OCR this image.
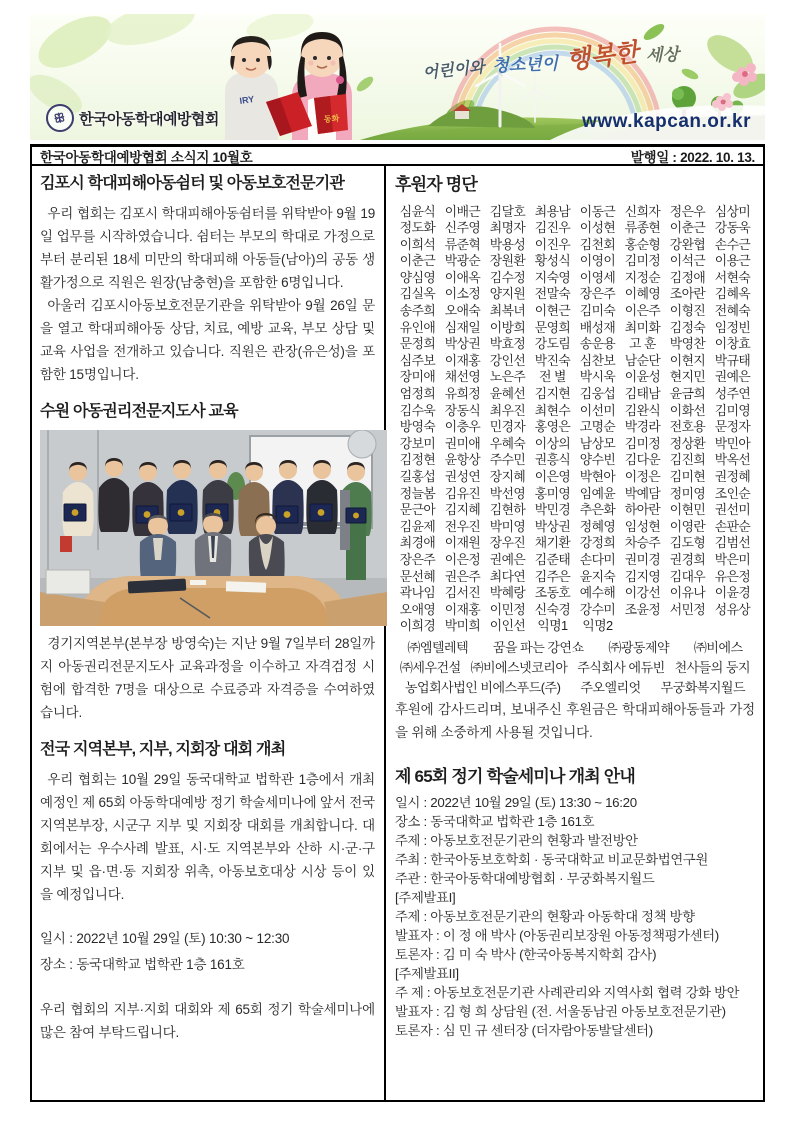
IRY
동화
어린이와 청소년이 행복한 세상
ꕥ 한국아동학대예방협회	www.kapcan.or.kr
한국아동학대예방협회 소식지 10월호	발행일 : 2022. 10. 13.
김포시 학대피해아동쉼터 및 아동보호전문기관

우리 협회는 김포시 학대피해아동쉼터를 위탁받아 9월 19일 업무를 시작하였습니다. 쉼터는 부모의 학대로 가정으로부터 분리된 18세 미만의 학대피해 아동들(남아)의 공동 생활가정으로 직원은 원장(남충현)을 포함한 6명입니다.

아울러 김포시아동보호전문기관을 위탁받아 9월 26일 문을 열고 학대피해아동 상담, 치료, 예방 교육, 부모 상담 및 교육 사업을 전개하고 있습니다. 직원은 관장(유은성)을 포함한 15명입니다.

수원 아동권리전문지도사 교육

경기지역본부(본부장 방영숙)는 지난 9월 7일부터 28일까지 아동권리전문지도사 교육과정을 이수하고 자격검정 시험에 합격한 7명을 대상으로 수료증과 자격증을 수여하였습니다.

전국 지역본부, 지부, 지회장 대회 개최

우리 협회는 10월 29일 동국대학교 법학관 1층에서 개최 예정인 제 65회 아동학대예방 정기 학술세미나에 앞서 전국 지역본부장, 시군구 지부 및 지회장 대회를 개최합니다. 대회에서는 우수사례 발표, 시·도 지역본부와 산하 시·군·구 지부 및 읍·면·동 지회장 위촉, 아동보호대상 시상 등이 있을 예정입니다.

일시 : 2022년 10월 29일 (토) 10:30 ~ 12:30
장소 : 동국대학교 법학관 1층 161호

우리 협회의 지부·지회 대회와 제 65회 정기 학술세미나에 많은 참여 부탁드립니다.

후원자 명단
심윤식 이배근 김달호 최용남 이동근 신희자 정은우 심상미
정도화 신주영 최명자 김진우 이성현 류종현 이춘근 강동욱
이희석 류준혁 박용성 이진우 김천회 홍순형 강완협 손수근
이춘근 박광순 장원환 황성식 이영이 김미정 이석근 이용근
양심영 이애옥 김수정 지숙영 이영세 지정순 김정애 서현숙
김실옥 이소정 양지원 전말숙 장은주 이혜영 조아란 김혜옥
송주희 오애숙 최복녀 이현근 김미숙 이은주 이형진 전혜숙
유인애 심재일 이방희 문영희 배성재 최미화 김정숙 임정빈
문정희 박상권 박효정 강도림 송운용	고 훈	박영찬 이창효
심주보 이재홍 강인선 박진숙 심찬보 남순단 이현지 박규태
장미애 채선영 노은주	전 별	박시욱 이윤성 현지민 권예은
엄정희 유희정 윤혜선 김지현 김웅섭 김태남 윤금희 성주연
김수욱 장동식 최우진 최현수 이선미 김완식 이화선 김미영
방영숙 이충우 민경자 홍영은 고명순 박경라 전호용 문정자
강보미 권미애 우혜숙 이상의 남상모 김미정 정상환 박민아
김정현 윤항상 주수민 권흥식 양수빈 김다운 김진희 박옥선
길홍섭 권성연 장지혜 이은영 박현아 이정은 김미현 권정혜
정늘봄 김유진 박선영 홍미영 임예윤 박예담 정미영 조인순
문근아 김지혜 김현하 박민경 추은화 하아란 이현민 권선미
김윤제 전우진 박미영 박상권 정혜영 임성현 이영란 손판순
최경애 이재원 장우진 채기환 강정희 차승주 김도형 김범선
장은주 이은정 권예은 김준태 손다미 권미경 권경희 박은미
문선혜 권은주 최다연 김주은 윤지숙 김지영 김대우 유은정
곽나임 김서진 박혜랑 조동호 예수해 이강선 이유나 이윤경
오애영 이재홍 이민정 신숙경 강수미 조윤정 서민정 성유상
이희경 박미희 이인선 익명1	익명2
㈜엠텔레텍 꿈을 파는 강연쇼 ㈜광동제약 ㈜비에스
㈜세우건설 ㈜비에스넷코리아 주식회사 에듀빈 천사들의 둥지
농업회사법인 비에스푸드(주) 주오엘리엇 무궁화복지월드

후원에 감사드리며, 보내주신 후원금은 학대피해아동들과 가정을 위해 소중하게 사용될 것입니다.

제 65회 정기 학술세미나 개최 안내
일시 : 2022년 10월 29일 (토) 13:30 ~ 16:20
장소 : 동국대학교 법학관 1층 161호
주제 : 아동보호전문기관의 현황과 발전방안
주최 : 한국아동보호학회 · 동국대학교 비교문화법연구원
주관 : 한국아동학대예방협회 · 무궁화복지월드
[주제발표I]
주제 : 아동보호전문기관의 현황과 아동학대 정책 방향
발표자 : 이 정 애 박사 (아동권리보장원 아동정책평가센터)
토론자 : 김 미 숙 박사 (한국아동복지학회 감사)
[주제발표II]
주 제 : 아동보호전문기관 사례관리와 지역사회 협력 강화 방안
발표자 : 김 형 희 상담원 (전. 서울동남권 아동보호전문기관)
토론자 : 심 민 규 센터장 (더자람아동발달센터)
